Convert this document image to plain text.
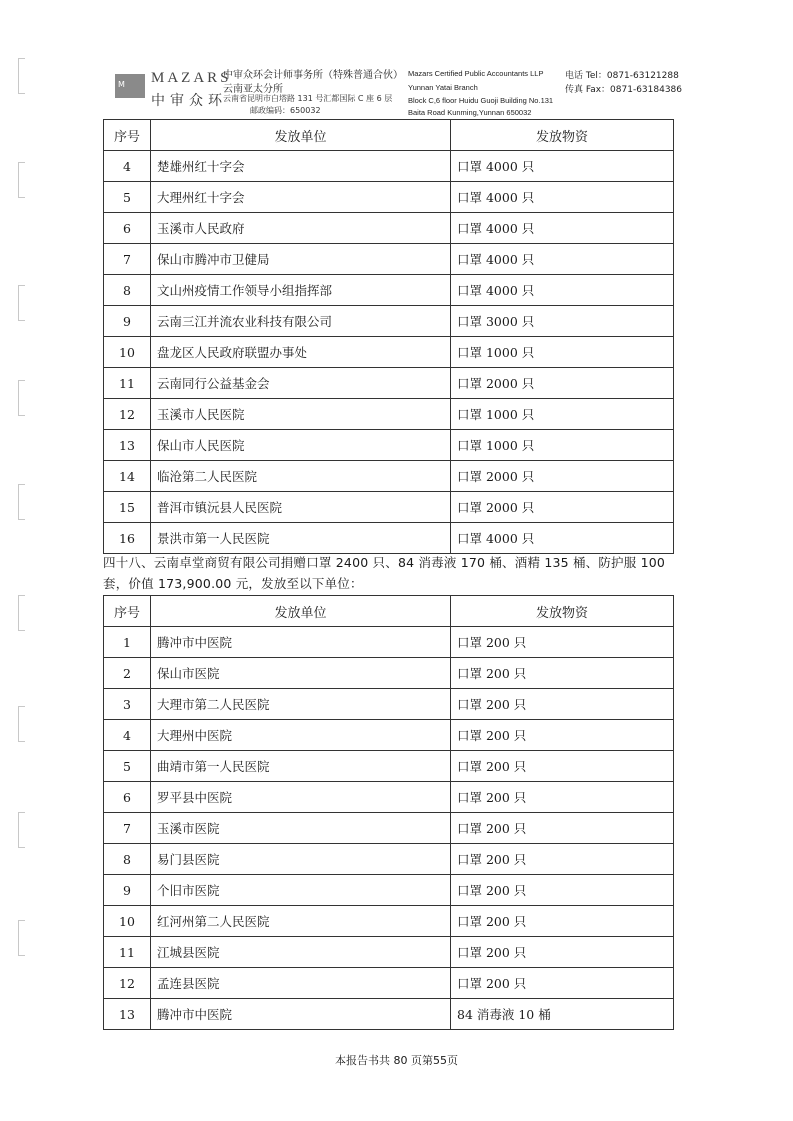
M MAZARS
中审众环
中审众环会计师事务所（特殊普通合伙）
云南亚太分所
云南省昆明市白塔路 131 号汇都国际 C 座 6 层
邮政编码：650032
Mazars Certified Public Accountants LLP
Yunnan Yatai Branch
Block C,6 floor Huidu Guoji Building No.131
Baita Road Kunming,Yunnan 650032
电话 Tel：0871-63121288
传真 Fax：0871-63184386
序号	发放单位	发放物资
4	楚雄州红十字会	口罩 4000 只
5	大理州红十字会	口罩 4000 只
6	玉溪市人民政府	口罩 4000 只
7	保山市腾冲市卫健局	口罩 4000 只
8	文山州疫情工作领导小组指挥部	口罩 4000 只
9	云南三江并流农业科技有限公司	口罩 3000 只
10	盘龙区人民政府联盟办事处	口罩 1000 只
11	云南同行公益基金会	口罩 2000 只
12	玉溪市人民医院	口罩 1000 只
13	保山市人民医院	口罩 1000 只
14	临沧第二人民医院	口罩 2000 只
15	普洱市镇沅县人民医院	口罩 2000 只
16	景洪市第一人民医院	口罩 4000 只
四十八、云南卓堂商贸有限公司捐赠口罩 2400 只、84 消毒液 170 桶、酒精 135 桶、防护服 100 套，价值 173,900.00 元，发放至以下单位：
序号	发放单位	发放物资
1	腾冲市中医院	口罩 200 只
2	保山市医院	口罩 200 只
3	大理市第二人民医院	口罩 200 只
4	大理州中医院	口罩 200 只
5	曲靖市第一人民医院	口罩 200 只
6	罗平县中医院	口罩 200 只
7	玉溪市医院	口罩 200 只
8	易门县医院	口罩 200 只
9	个旧市医院	口罩 200 只
10	红河州第二人民医院	口罩 200 只
11	江城县医院	口罩 200 只
12	孟连县医院	口罩 200 只
13	腾冲市中医院	84 消毒液 10 桶
本报告书共 80 页第55页
